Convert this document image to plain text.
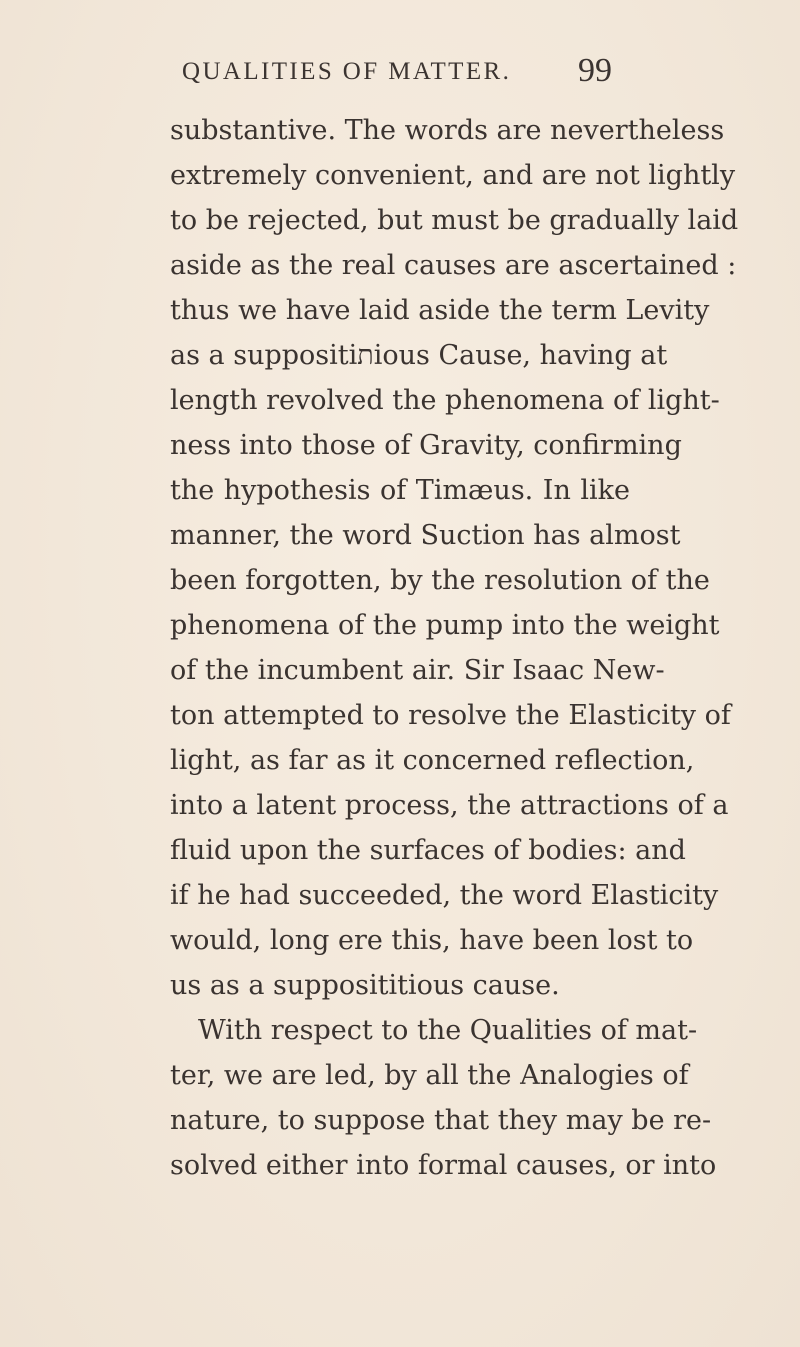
QUALITIES OF MATTER. 99
substantive. The words are nevertheless
extremely convenient, and are not lightly
to be rejected, but must be gradually laid
aside as the real causes are ascertained :
thus we have laid aside the term Levity
as a suppositiתious Cause, having at
length revolved the phenomena of light-
ness into those of Gravity, confirming
the hypothesis of Timæus. In like
manner, the word Suction has almost
been forgotten, by the resolution of the
phenomena of the pump into the weight
of the incumbent air. Sir Isaac New-
ton attempted to resolve the Elasticity of
light, as far as it concerned reflection,
into a latent process, the attractions of a
fluid upon the surfaces of bodies: and
if he had succeeded, the word Elasticity
would, long ere this, have been lost to
us as a supposititious cause.
With respect to the Qualities of mat-
ter, we are led, by all the Analogies of
nature, to suppose that they may be re-
solved either into formal causes, or into
